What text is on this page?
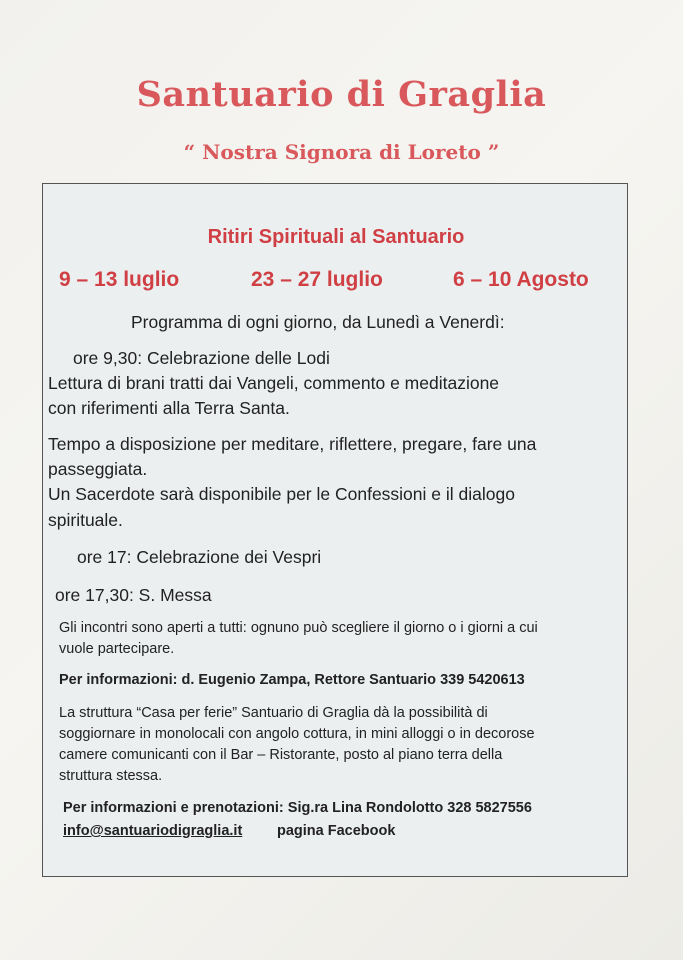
Santuario di Graglia
“ Nostra Signora di Loreto ”
Ritiri Spirituali al Santuario
9 – 13 luglio	23 – 27 luglio	6 – 10 Agosto
Programma di ogni giorno, da Lunedì a Venerdì:
ore 9,30: Celebrazione delle Lodi
Lettura di brani tratti dai Vangeli, commento e meditazione
con riferimenti alla Terra Santa.
Tempo a disposizione per meditare, riflettere, pregare, fare una
passeggiata.
Un Sacerdote sarà disponibile per le Confessioni e il dialogo
spirituale.
ore 17: Celebrazione dei Vespri
ore 17,30: S. Messa
Gli incontri sono aperti a tutti: ognuno può scegliere il giorno o i giorni a cui
vuole partecipare.
Per informazioni: d. Eugenio Zampa, Rettore Santuario 339 5420613
La struttura “Casa per ferie” Santuario di Graglia dà la possibilità di
soggiornare in monolocali con angolo cottura, in mini alloggi o in decorose
camere comunicanti con il Bar – Ristorante, posto al piano terra della
struttura stessa.
Per informazioni e prenotazioni: Sig.ra Lina Rondolotto 328 5827556
info@santuariodigraglia.it pagina Facebook
